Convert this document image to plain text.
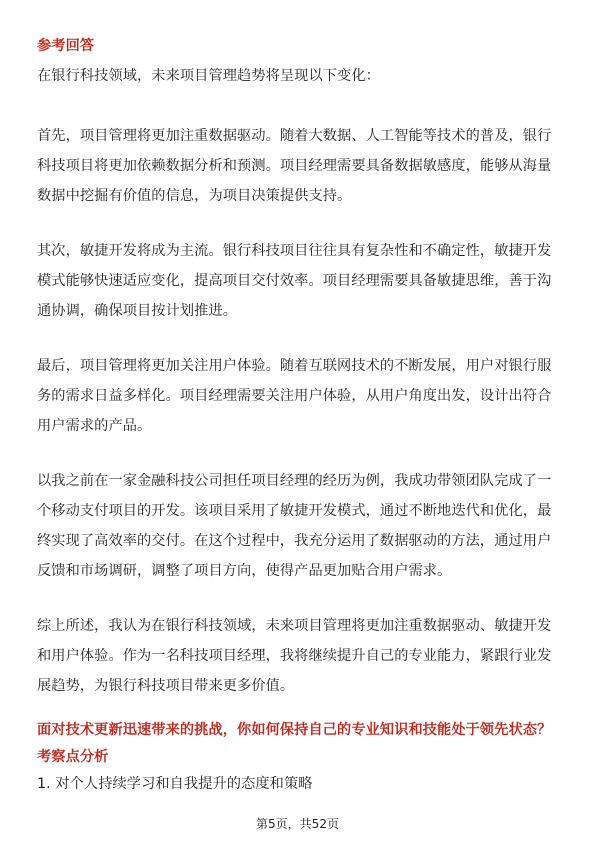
参考回答
在银行科技领域，未来项目管理趋势将呈现以下变化：
首先，项目管理将更加注重数据驱动。随着大数据、人工智能等技术的普及，银行
科技项目将更加依赖数据分析和预测。项目经理需要具备数据敏感度，能够从海量
数据中挖掘有价值的信息，为项目决策提供支持。
其次，敏捷开发将成为主流。银行科技项目往往具有复杂性和不确定性，敏捷开发
模式能够快速适应变化，提高项目交付效率。项目经理需要具备敏捷思维，善于沟
通协调，确保项目按计划推进。
最后，项目管理将更加关注用户体验。随着互联网技术的不断发展，用户对银行服
务的需求日益多样化。项目经理需要关注用户体验，从用户角度出发，设计出符合
用户需求的产品。
以我之前在一家金融科技公司担任项目经理的经历为例，我成功带领团队完成了一
个移动支付项目的开发。该项目采用了敏捷开发模式，通过不断地迭代和优化，最
终实现了高效率的交付。在这个过程中，我充分运用了数据驱动的方法，通过用户
反馈和市场调研，调整了项目方向，使得产品更加贴合用户需求。
综上所述，我认为在银行科技领域，未来项目管理将更加注重数据驱动、敏捷开发
和用户体验。作为一名科技项目经理，我将继续提升自己的专业能力，紧跟行业发
展趋势，为银行科技项目带来更多价值。
面对技术更新迅速带来的挑战，你如何保持自己的专业知识和技能处于领先状态？
考察点分析
1. 对个人持续学习和自我提升的态度和策略
第5页，共52页
